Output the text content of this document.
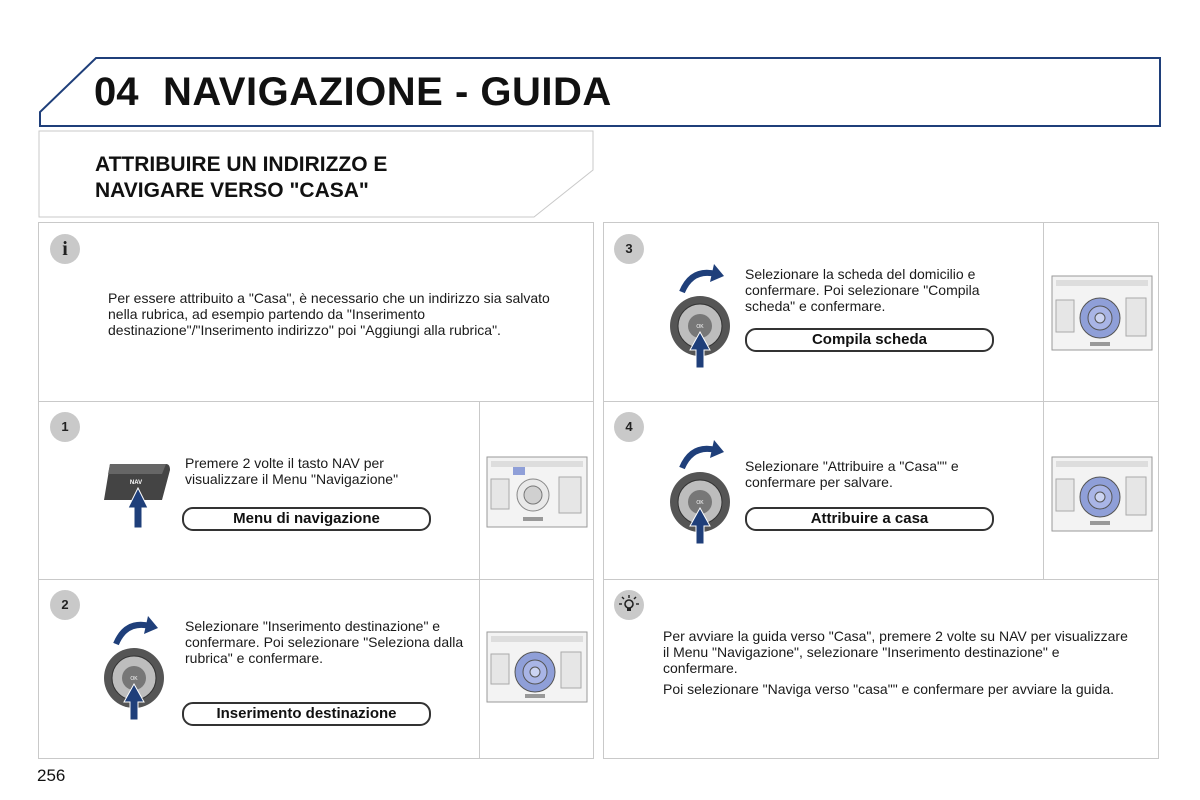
04 NAVIGAZIONE - GUIDA
ATTRIBUIRE UN INDIRIZZO E
NAVIGARE VERSO "CASA"
i
Per essere attribuito a "Casa", è necessario che un indirizzo sia salvato nella rubrica, ad esempio partendo da "Inserimento destinazione"/"Inserimento indirizzo" poi "Aggiungi alla rubrica".
1
NAV
Premere 2 volte il tasto NAV per visualizzare il Menu "Navigazione"
Menu di navigazione
2
OK
Selezionare "Inserimento destinazione" e confermare. Poi selezionare "Seleziona dalla rubrica" e confermare.
Inserimento destinazione
3
OK
Selezionare la scheda del domicilio e confermare. Poi selezionare "Compila scheda" e confermare.
Compila scheda
4
OK
Selezionare "Attribuire a "Casa"" e confermare per salvare.
Attribuire a casa
Per avviare la guida verso "Casa", premere 2 volte su NAV per visualizzare il Menu "Navigazione", selezionare "Inserimento destinazione" e confermare.
Poi selezionare "Naviga verso "casa"" e confermare per avviare la guida.
256
